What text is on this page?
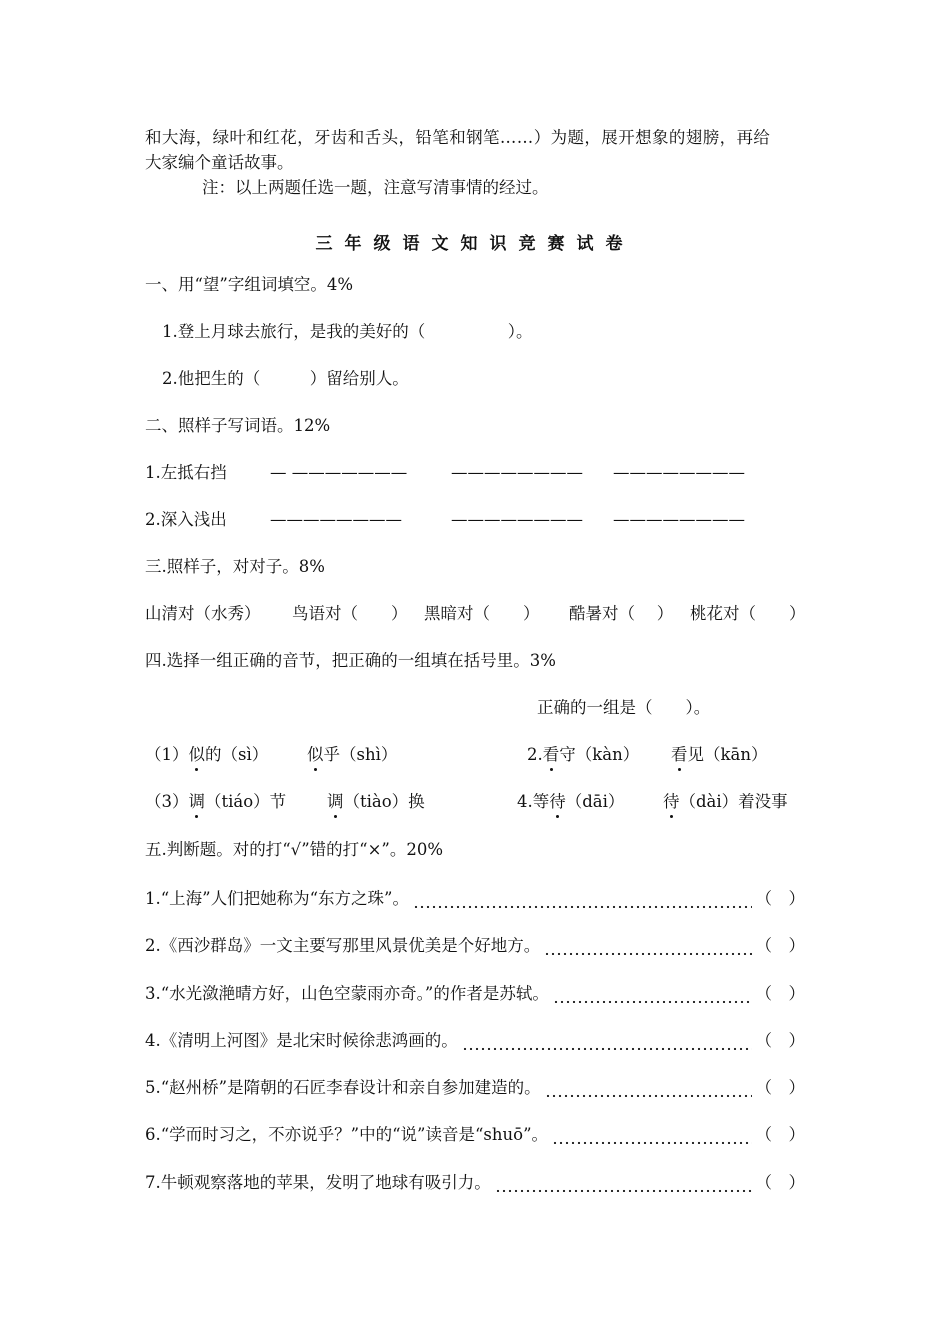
和大海，绿叶和红花，牙齿和舌头，铅笔和钢笔……）为题，展开想象的翅膀，再给
大家编个童话故事。
注：以上两题任选一题，注意写清事情的经过。
三年级语文知识竞赛试卷
一、用“望”字组词填空。4%
1.登上月球去旅行，是我的美好的（　　　　　）。
2.他把生的（　　　）留给别人。
二、照样子写词语。12%
1.左抵右挡	— ———————	———————— ————————
2.深入浅出	————————	———————— ————————
三.照样子，对对子。8%
山清对（水秀） 鸟语对（　　） 黑暗对（　　） 酷暑对（　 ） 桃花对（　　）
四.选择一组正确的音节，把正确的一组填在括号里。3%
正确的一组是（　　）。
（1）似的（sì） 似乎（shì）	2.看守（kàn） 看见（kān）
（3）调（tiáo）节 调（tiào）换	4.等待（dāi） 待（dài）着没事
五.判断题。对的打“√”错的打“×”。20%
1.“上海”人们把她称为“东方之珠”。	（　）
2.《西沙群岛》一文主要写那里风景优美是个好地方。	（　）
3.“水光潋滟晴方好，山色空蒙雨亦奇。”的作者是苏轼。	（　）
4.《清明上河图》是北宋时候徐悲鸿画的。	（　）
5.“赵州桥”是隋朝的石匠李春设计和亲自参加建造的。	（　）
6.“学而时习之，不亦说乎？”中的“说”读音是“shuō”。	（　）
7.牛顿观察落地的苹果，发明了地球有吸引力。	（　）
